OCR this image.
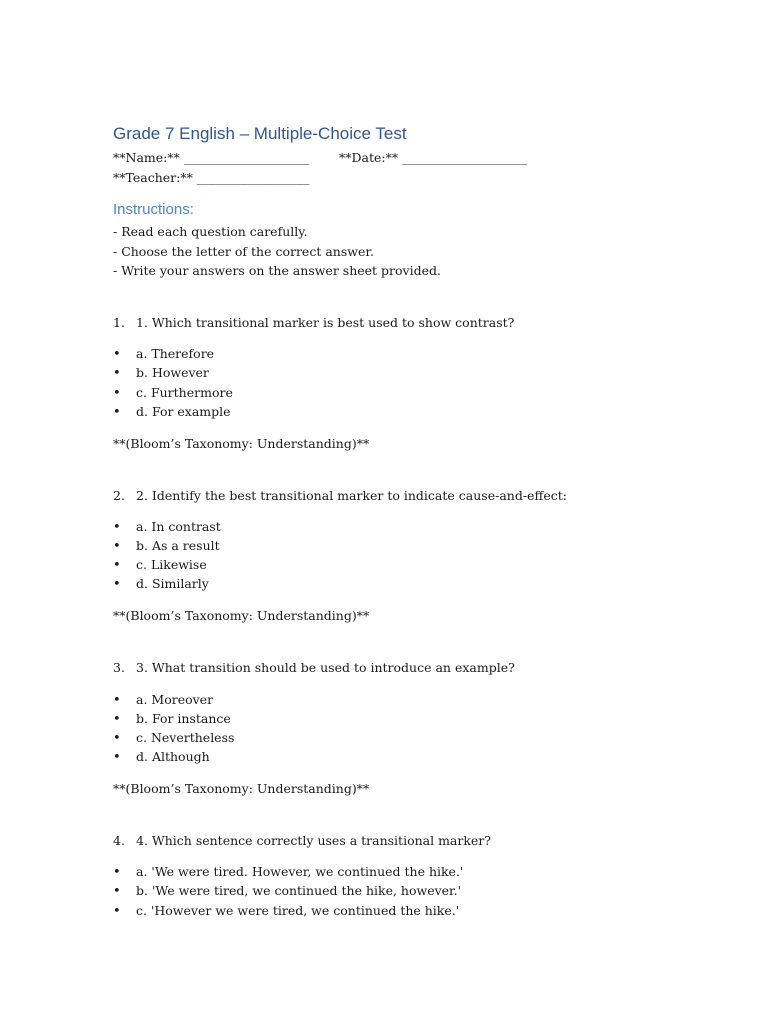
Grade 7 English – Multiple-Choice Test
**Name:** ____________________ **Date:** ____________________
**Teacher:** __________________
Instructions:
- Read each question carefully.
- Choose the letter of the correct answer.
- Write your answers on the answer sheet provided.
1. 1. Which transitional marker is best used to show contrast?
• a. Therefore
• b. However
• c. Furthermore
• d. For example
**(Bloom’s Taxonomy: Understanding)**
2. 2. Identify the best transitional marker to indicate cause-and-effect:
• a. In contrast
• b. As a result
• c. Likewise
• d. Similarly
**(Bloom’s Taxonomy: Understanding)**
3. 3. What transition should be used to introduce an example?
• a. Moreover
• b. For instance
• c. Nevertheless
• d. Although
**(Bloom’s Taxonomy: Understanding)**
4. 4. Which sentence correctly uses a transitional marker?
• a. 'We were tired. However, we continued the hike.'
• b. 'We were tired, we continued the hike, however.'
• c. 'However we were tired, we continued the hike.'
